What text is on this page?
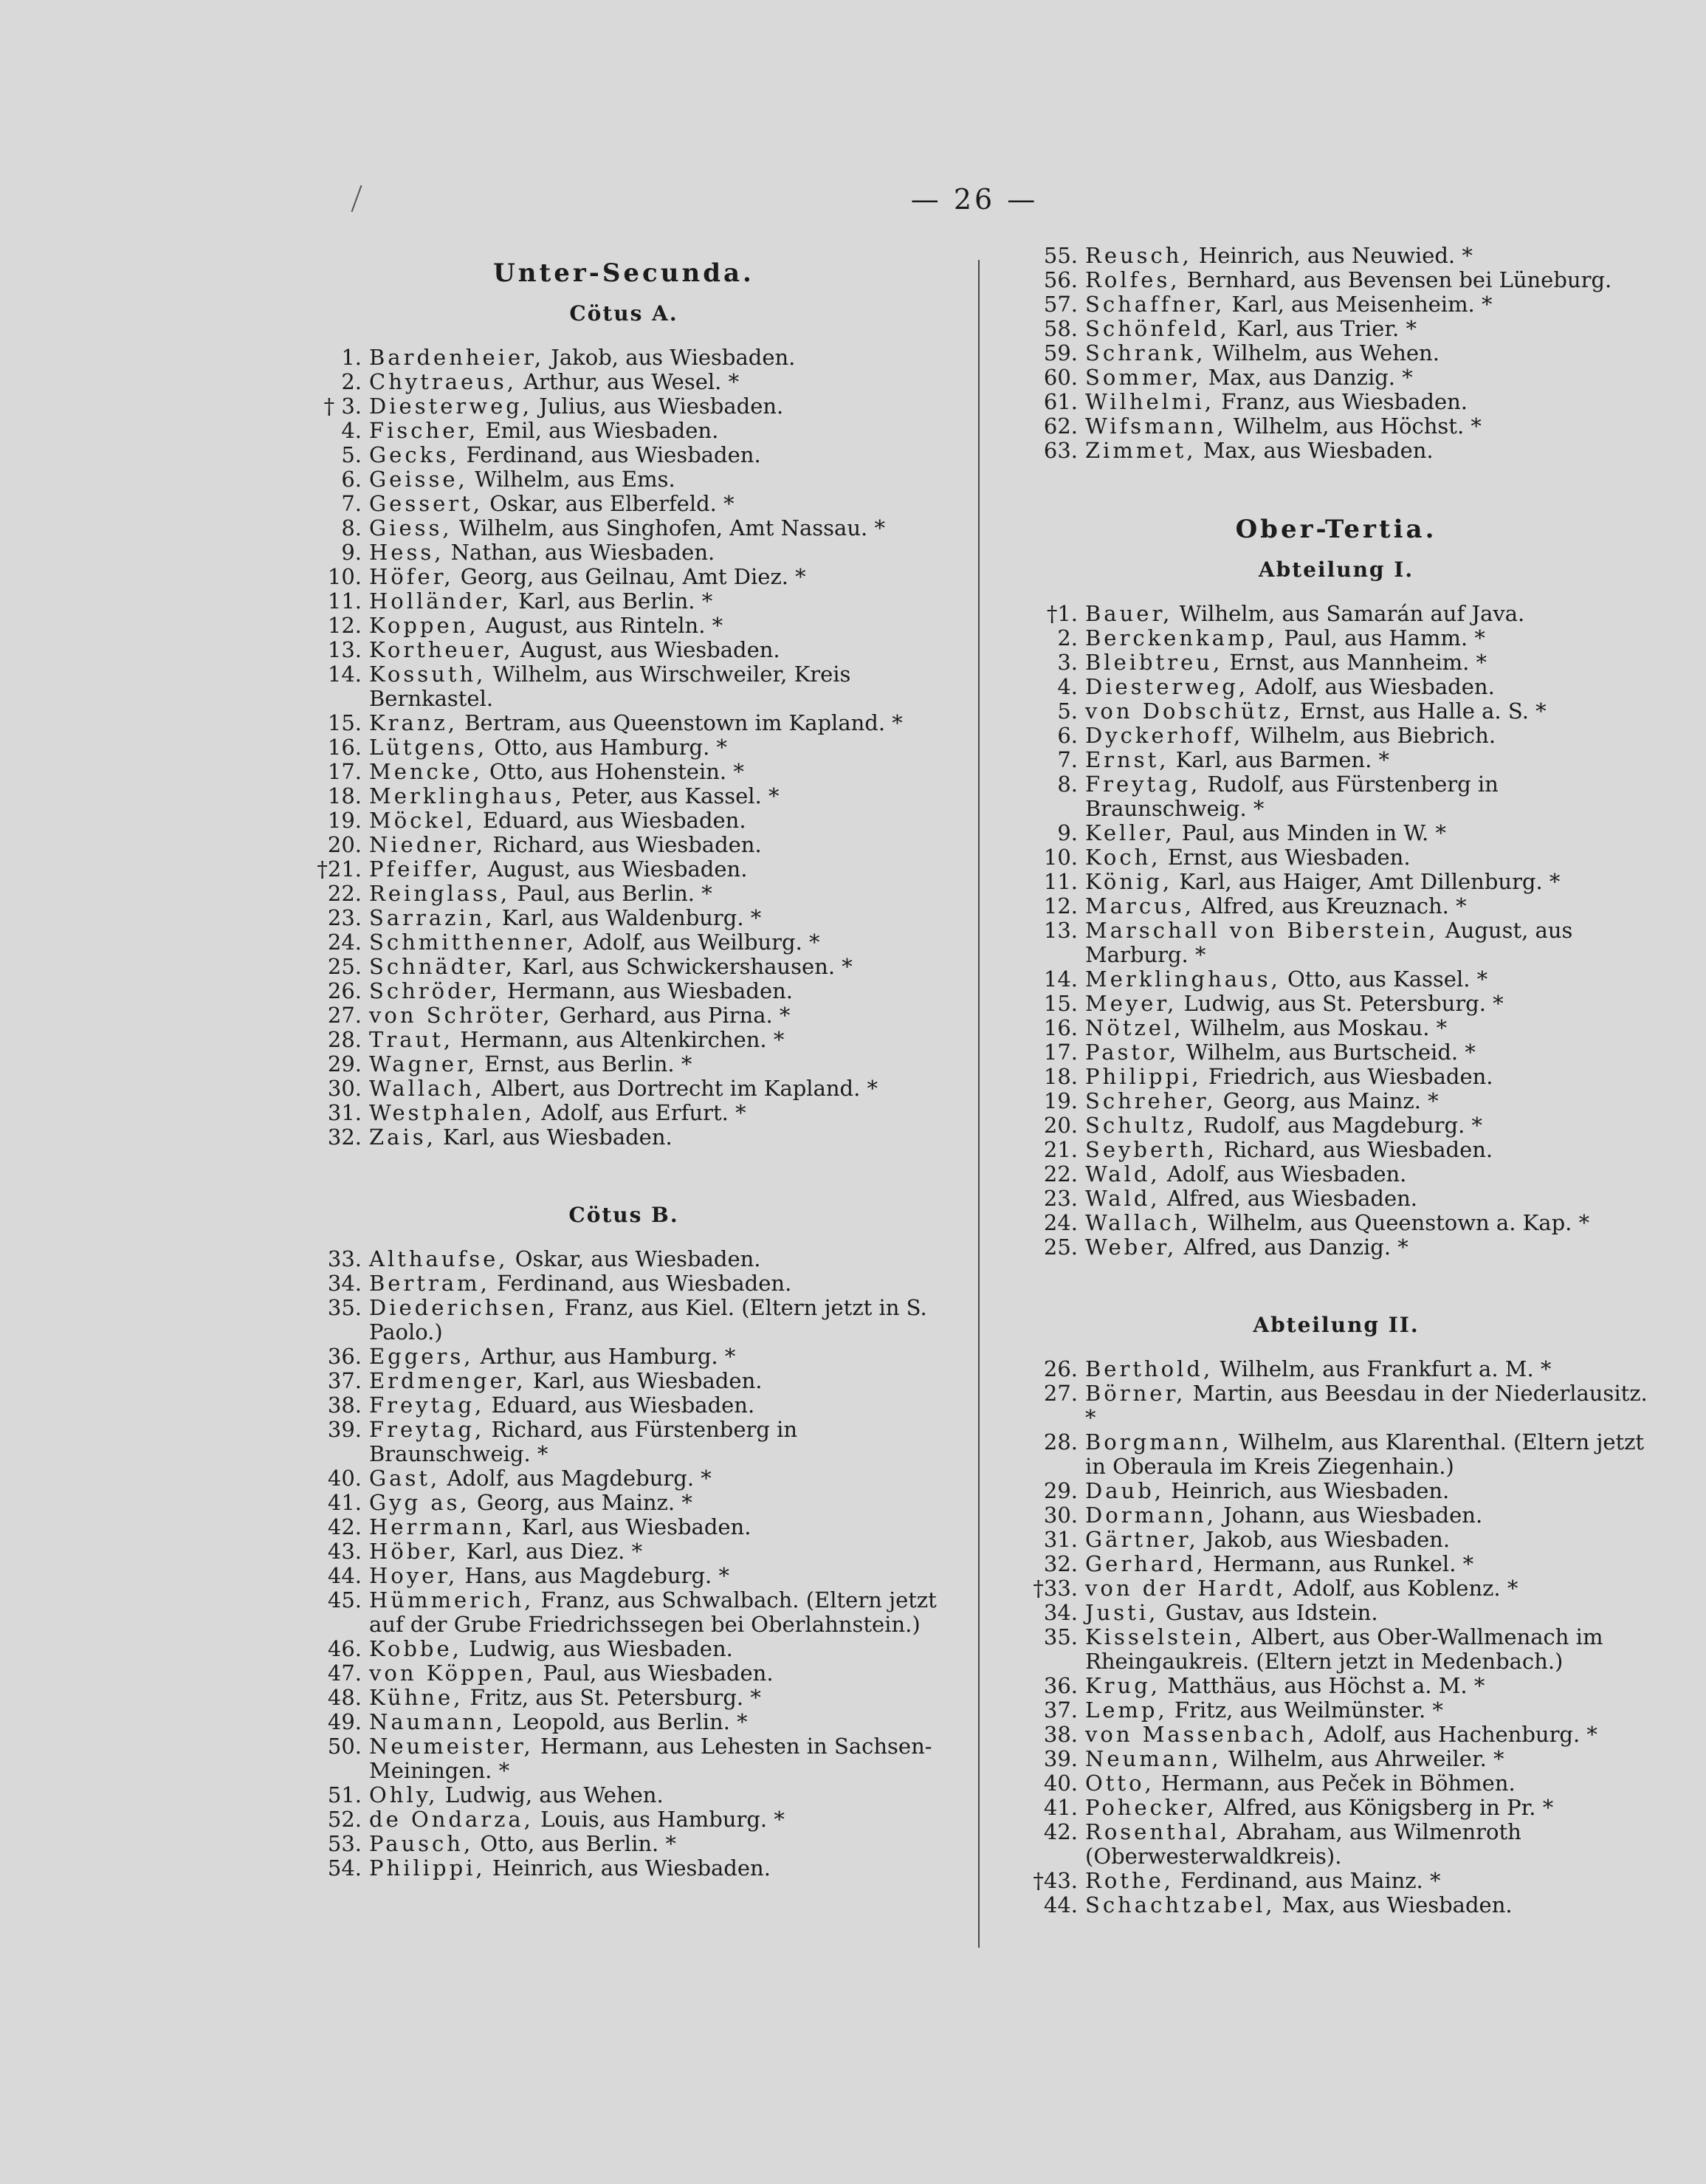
— 26 —
Unter-Secunda.
Cötus A.
1. Bardenheier, Jakob, aus Wiesbaden.
2. Chytraeus, Arthur, aus Wesel. *
† 3. Diesterweg, Julius, aus Wiesbaden.
4. Fischer, Emil, aus Wiesbaden.
5. Gecks, Ferdinand, aus Wiesbaden.
6. Geisse, Wilhelm, aus Ems.
7. Gessert, Oskar, aus Elberfeld. *
8. Giess, Wilhelm, aus Singhofen, Amt Nassau. *
9. Hess, Nathan, aus Wiesbaden.
10. Höfer, Georg, aus Geilnau, Amt Diez. *
11. Holländer, Karl, aus Berlin. *
12. Koppen, August, aus Rinteln. *
13. Kortheuer, August, aus Wiesbaden.
14. Kossuth, Wilhelm, aus Wirschweiler, Kreis Bernkastel.
15. Kranz, Bertram, aus Queenstown im Kapland. *
16. Lütgens, Otto, aus Hamburg. *
17. Mencke, Otto, aus Hohenstein. *
18. Merklinghaus, Peter, aus Kassel. *
19. Möckel, Eduard, aus Wiesbaden.
20. Niedner, Richard, aus Wiesbaden.
†21. Pfeiffer, August, aus Wiesbaden.
22. Reinglass, Paul, aus Berlin. *
23. Sarrazin, Karl, aus Waldenburg. *
24. Schmitthenner, Adolf, aus Weilburg. *
25. Schnädter, Karl, aus Schwickershausen. *
26. Schröder, Hermann, aus Wiesbaden.
27. von Schröter, Gerhard, aus Pirna. *
28. Traut, Hermann, aus Altenkirchen. *
29. Wagner, Ernst, aus Berlin. *
30. Wallach, Albert, aus Dortrecht im Kapland. *
31. Westphalen, Adolf, aus Erfurt. *
32. Zais, Karl, aus Wiesbaden.
Cötus B.
33. Althaufse, Oskar, aus Wiesbaden.
34. Bertram, Ferdinand, aus Wiesbaden.
35. Diederichsen, Franz, aus Kiel. (Eltern jetzt in S. Paolo.)
36. Eggers, Arthur, aus Hamburg. *
37. Erdmenger, Karl, aus Wiesbaden.
38. Freytag, Eduard, aus Wiesbaden.
39. Freytag, Richard, aus Fürstenberg in Braunschweig. *
40. Gast, Adolf, aus Magdeburg. *
41. Gyg as, Georg, aus Mainz. *
42. Herrmann, Karl, aus Wiesbaden.
43. Höber, Karl, aus Diez. *
44. Hoyer, Hans, aus Magdeburg. *
45. Hümmerich, Franz, aus Schwalbach. (Eltern jetzt auf der Grube Friedrichssegen bei Oberlahnstein.)
46. Kobbe, Ludwig, aus Wiesbaden.
47. von Köppen, Paul, aus Wiesbaden.
48. Kühne, Fritz, aus St. Petersburg. *
49. Naumann, Leopold, aus Berlin. *
50. Neumeister, Hermann, aus Lehesten in Sachsen-Meiningen. *
51. Ohly, Ludwig, aus Wehen.
52. de Ondarza, Louis, aus Hamburg. *
53. Pausch, Otto, aus Berlin. *
54. Philippi, Heinrich, aus Wiesbaden.
55. Reusch, Heinrich, aus Neuwied. *
56. Rolfes, Bernhard, aus Bevensen bei Lüneburg.
57. Schaffner, Karl, aus Meisenheim. *
58. Schönfeld, Karl, aus Trier. *
59. Schrank, Wilhelm, aus Wehen.
60. Sommer, Max, aus Danzig. *
61. Wilhelmi, Franz, aus Wiesbaden.
62. Wifsmann, Wilhelm, aus Höchst. *
63. Zimmet, Max, aus Wiesbaden.
Ober-Tertia.
Abteilung I.
†1. Bauer, Wilhelm, aus Samarán auf Java.
2. Berckenkamp, Paul, aus Hamm. *
3. Bleibtreu, Ernst, aus Mannheim. *
4. Diesterweg, Adolf, aus Wiesbaden.
5. von Dobschütz, Ernst, aus Halle a. S. *
6. Dyckerhoff, Wilhelm, aus Biebrich.
7. Ernst, Karl, aus Barmen. *
8. Freytag, Rudolf, aus Fürstenberg in Braunschweig. *
9. Keller, Paul, aus Minden in W. *
10. Koch, Ernst, aus Wiesbaden.
11. König, Karl, aus Haiger, Amt Dillenburg. *
12. Marcus, Alfred, aus Kreuznach. *
13. Marschall von Biberstein, August, aus Marburg. *
14. Merklinghaus, Otto, aus Kassel. *
15. Meyer, Ludwig, aus St. Petersburg. *
16. Nötzel, Wilhelm, aus Moskau. *
17. Pastor, Wilhelm, aus Burtscheid. *
18. Philippi, Friedrich, aus Wiesbaden.
19. Schreher, Georg, aus Mainz. *
20. Schultz, Rudolf, aus Magdeburg. *
21. Seyberth, Richard, aus Wiesbaden.
22. Wald, Adolf, aus Wiesbaden.
23. Wald, Alfred, aus Wiesbaden.
24. Wallach, Wilhelm, aus Queenstown a. Kap. *
25. Weber, Alfred, aus Danzig. *
Abteilung II.
26. Berthold, Wilhelm, aus Frankfurt a. M. *
27. Börner, Martin, aus Beesdau in der Niederlausitz. *
28. Borgmann, Wilhelm, aus Klarenthal. (Eltern jetzt in Oberaula im Kreis Ziegenhain.)
29. Daub, Heinrich, aus Wiesbaden.
30. Dormann, Johann, aus Wiesbaden.
31. Gärtner, Jakob, aus Wiesbaden.
32. Gerhard, Hermann, aus Runkel. *
†33. von der Hardt, Adolf, aus Koblenz. *
34. Justi, Gustav, aus Idstein.
35. Kisselstein, Albert, aus Ober-Wallmenach im Rheingaukreis. (Eltern jetzt in Medenbach.)
36. Krug, Matthäus, aus Höchst a. M. *
37. Lemp, Fritz, aus Weilmünster. *
38. von Massenbach, Adolf, aus Hachenburg. *
39. Neumann, Wilhelm, aus Ahrweiler. *
40. Otto, Hermann, aus Peček in Böhmen.
41. Pohecker, Alfred, aus Königsberg in Pr. *
42. Rosenthal, Abraham, aus Wilmenroth (Oberwesterwaldkreis).
†43. Rothe, Ferdinand, aus Mainz. *
44. Schachtzabel, Max, aus Wiesbaden.
